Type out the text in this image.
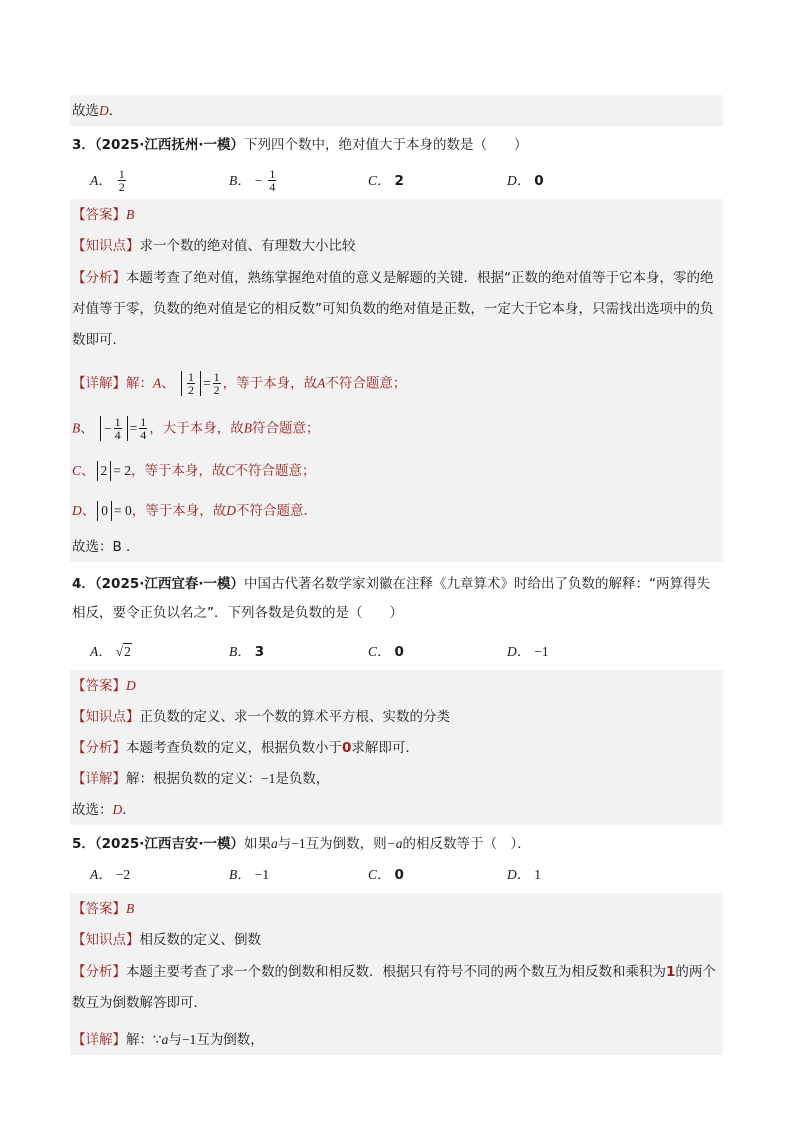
故选D．
3．（2025·江西抚州·一模）下列四个数中，绝对值大于本身的数是（　　）
A． $\frac{1}{2}$	B． − $\frac{1}{4}$	C． 2	D． 0
【答案】B
【知识点】求一个数的绝对值、有理数大小比较
【分析】本题考查了绝对值，熟练掌握绝对值的意义是解题的关键．根据“正数的绝对值等于它本身，零的绝对值等于零，负数的绝对值是它的相反数”可知负数的绝对值是正数，一定大于它本身，只需找出选项中的负数即可．
【详解】解：A、 $\frac{1}{2} = \frac{1}{2}$ ，等于本身，故A不符合题意；
B、 − $\frac{1}{4} = \frac{1}{4}$ ，大于本身，故B符合题意；
C、 2 = 2，等于本身，故C不符合题意；
D、 0 = 0，等于本身，故D不符合题意．
故选：B ．
4．（2025·江西宜春·一模）中国古代著名数学家刘徽在注释《九章算术》时给出了负数的解释：“两算得失
相反，要令正负以名之”．下列各数是负数的是（　　）
A． √2	B． 3	C． 0	D． −1
【答案】D
【知识点】正负数的定义、求一个数的算术平方根、实数的分类
【分析】本题考查负数的定义，根据负数小于0求解即可．
【详解】解：根据负数的定义：−1是负数，
故选：D．
5．（2025·江西吉安·一模）如果a与−1互为倒数，则−a的相反数等于（　）．
A． −2	B． −1	C． 0	D． 1
【答案】B
【知识点】相反数的定义、倒数
【分析】本题主要考查了求一个数的倒数和相反数．根据只有符号不同的两个数互为相反数和乘积为1的两个数互为倒数解答即可．
【详解】解：∵a与−1互为倒数，
